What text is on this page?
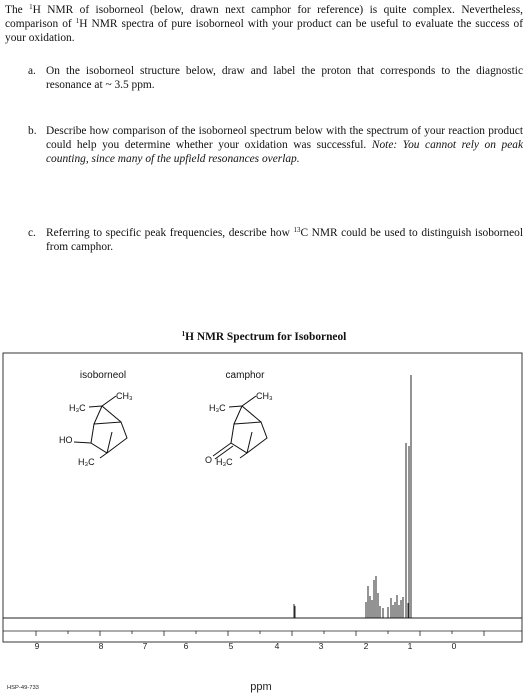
The $^1$H NMR of isoborneol (below, drawn next camphor for reference) is quite complex. Nevertheless, comparison of $^1$H NMR spectra of pure isoborneol with your product can be useful to evaluate the success of your oxidation.
a. On the isoborneol structure below, draw and label the proton that corresponds to the diagnostic resonance at ~ 3.5 ppm.
b. Describe how comparison of the isoborneol spectrum below with the spectrum of your reaction product could help you determine whether your oxidation was successful. Note: You cannot rely on peak counting, since many of the upfield resonances overlap.
c. Referring to specific peak frequencies, describe how $^{13}$C NMR could be used to distinguish isoborneol from camphor.
$^1$H NMR Spectrum for Isoborneol
9	8	7	6	5	4	3	2	1	0
HSP-49-733	ppm
isoborneol
CH₃
H₃C
HO
H₃C
camphor
CH₃
H₃C
O H₃C
